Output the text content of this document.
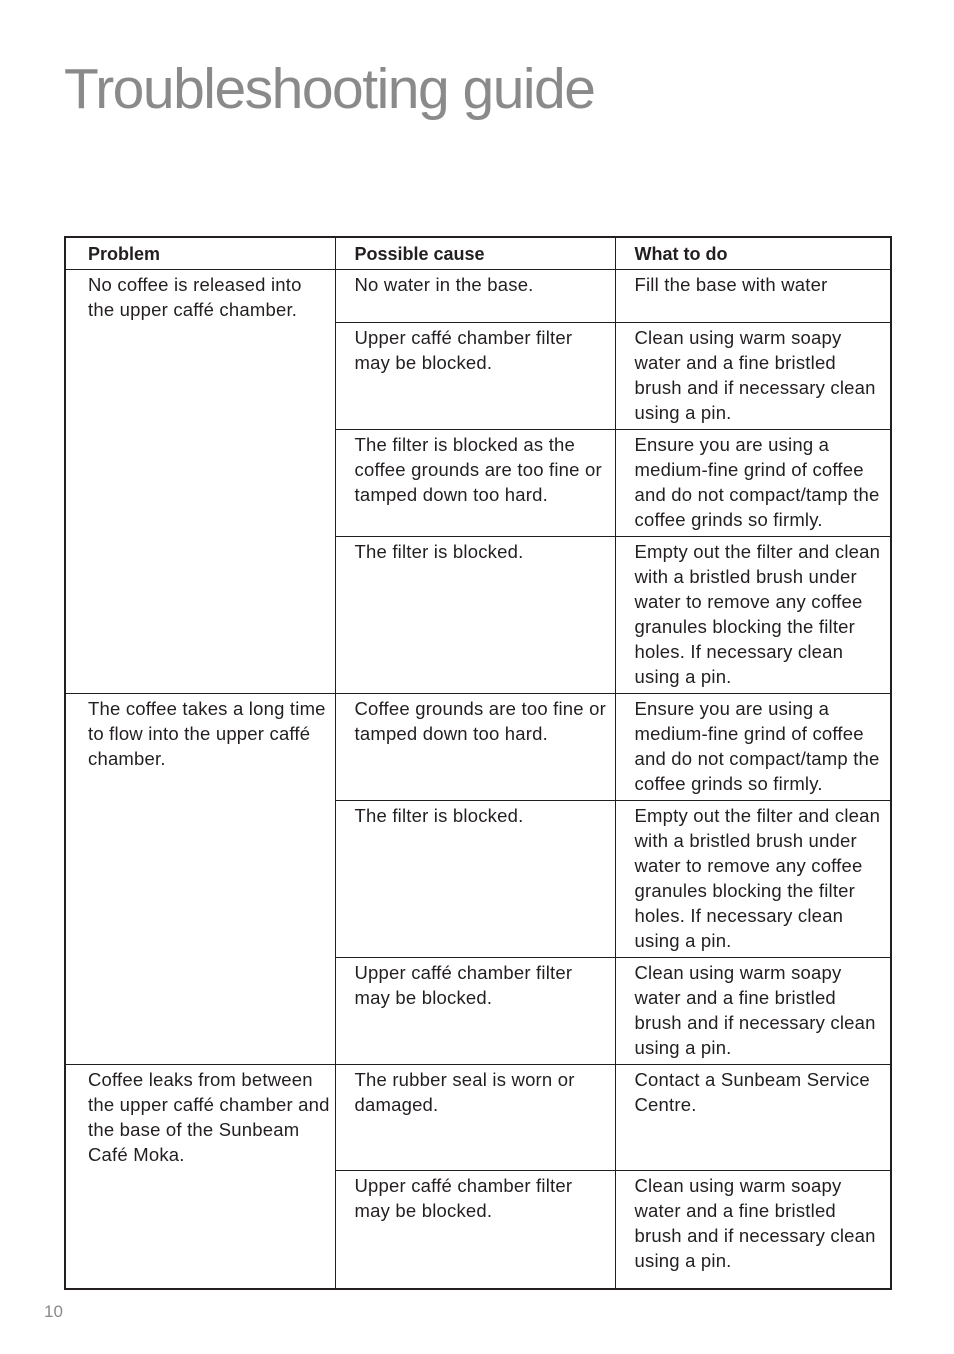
Troubleshooting guide
Problem	Possible cause	What to do
No coffee is released into the upper caffé chamber.	No water in the base.	Fill the base with water
	Upper caffé chamber filter may be blocked.	Clean using warm soapy water and a fine bristled brush and if necessary clean using a pin.
	The filter is blocked as the coffee grounds are too fine or tamped down too hard.	Ensure you are using a medium-fine grind of coffee and do not compact/tamp the coffee grinds so firmly.
	The filter is blocked.	Empty out the filter and clean with a bristled brush under water to remove any coffee granules blocking the filter holes. If necessary clean using a pin.
The coffee takes a long time to flow into the upper caffé chamber.	Coffee grounds are too fine or tamped down too hard.	Ensure you are using a medium-fine grind of coffee and do not compact/tamp the coffee grinds so firmly.
	The filter is blocked.	Empty out the filter and clean with a bristled brush under water to remove any coffee granules blocking the filter holes. If necessary clean using a pin.
	Upper caffé chamber filter may be blocked.	Clean using warm soapy water and a fine bristled brush and if necessary clean using a pin.
Coffee leaks from between the upper caffé chamber and the base of the Sunbeam Café Moka.	The rubber seal is worn or damaged.	Contact a Sunbeam Service Centre.
	Upper caffé chamber filter may be blocked.	Clean using warm soapy water and a fine bristled brush and if necessary clean using a pin.
10
